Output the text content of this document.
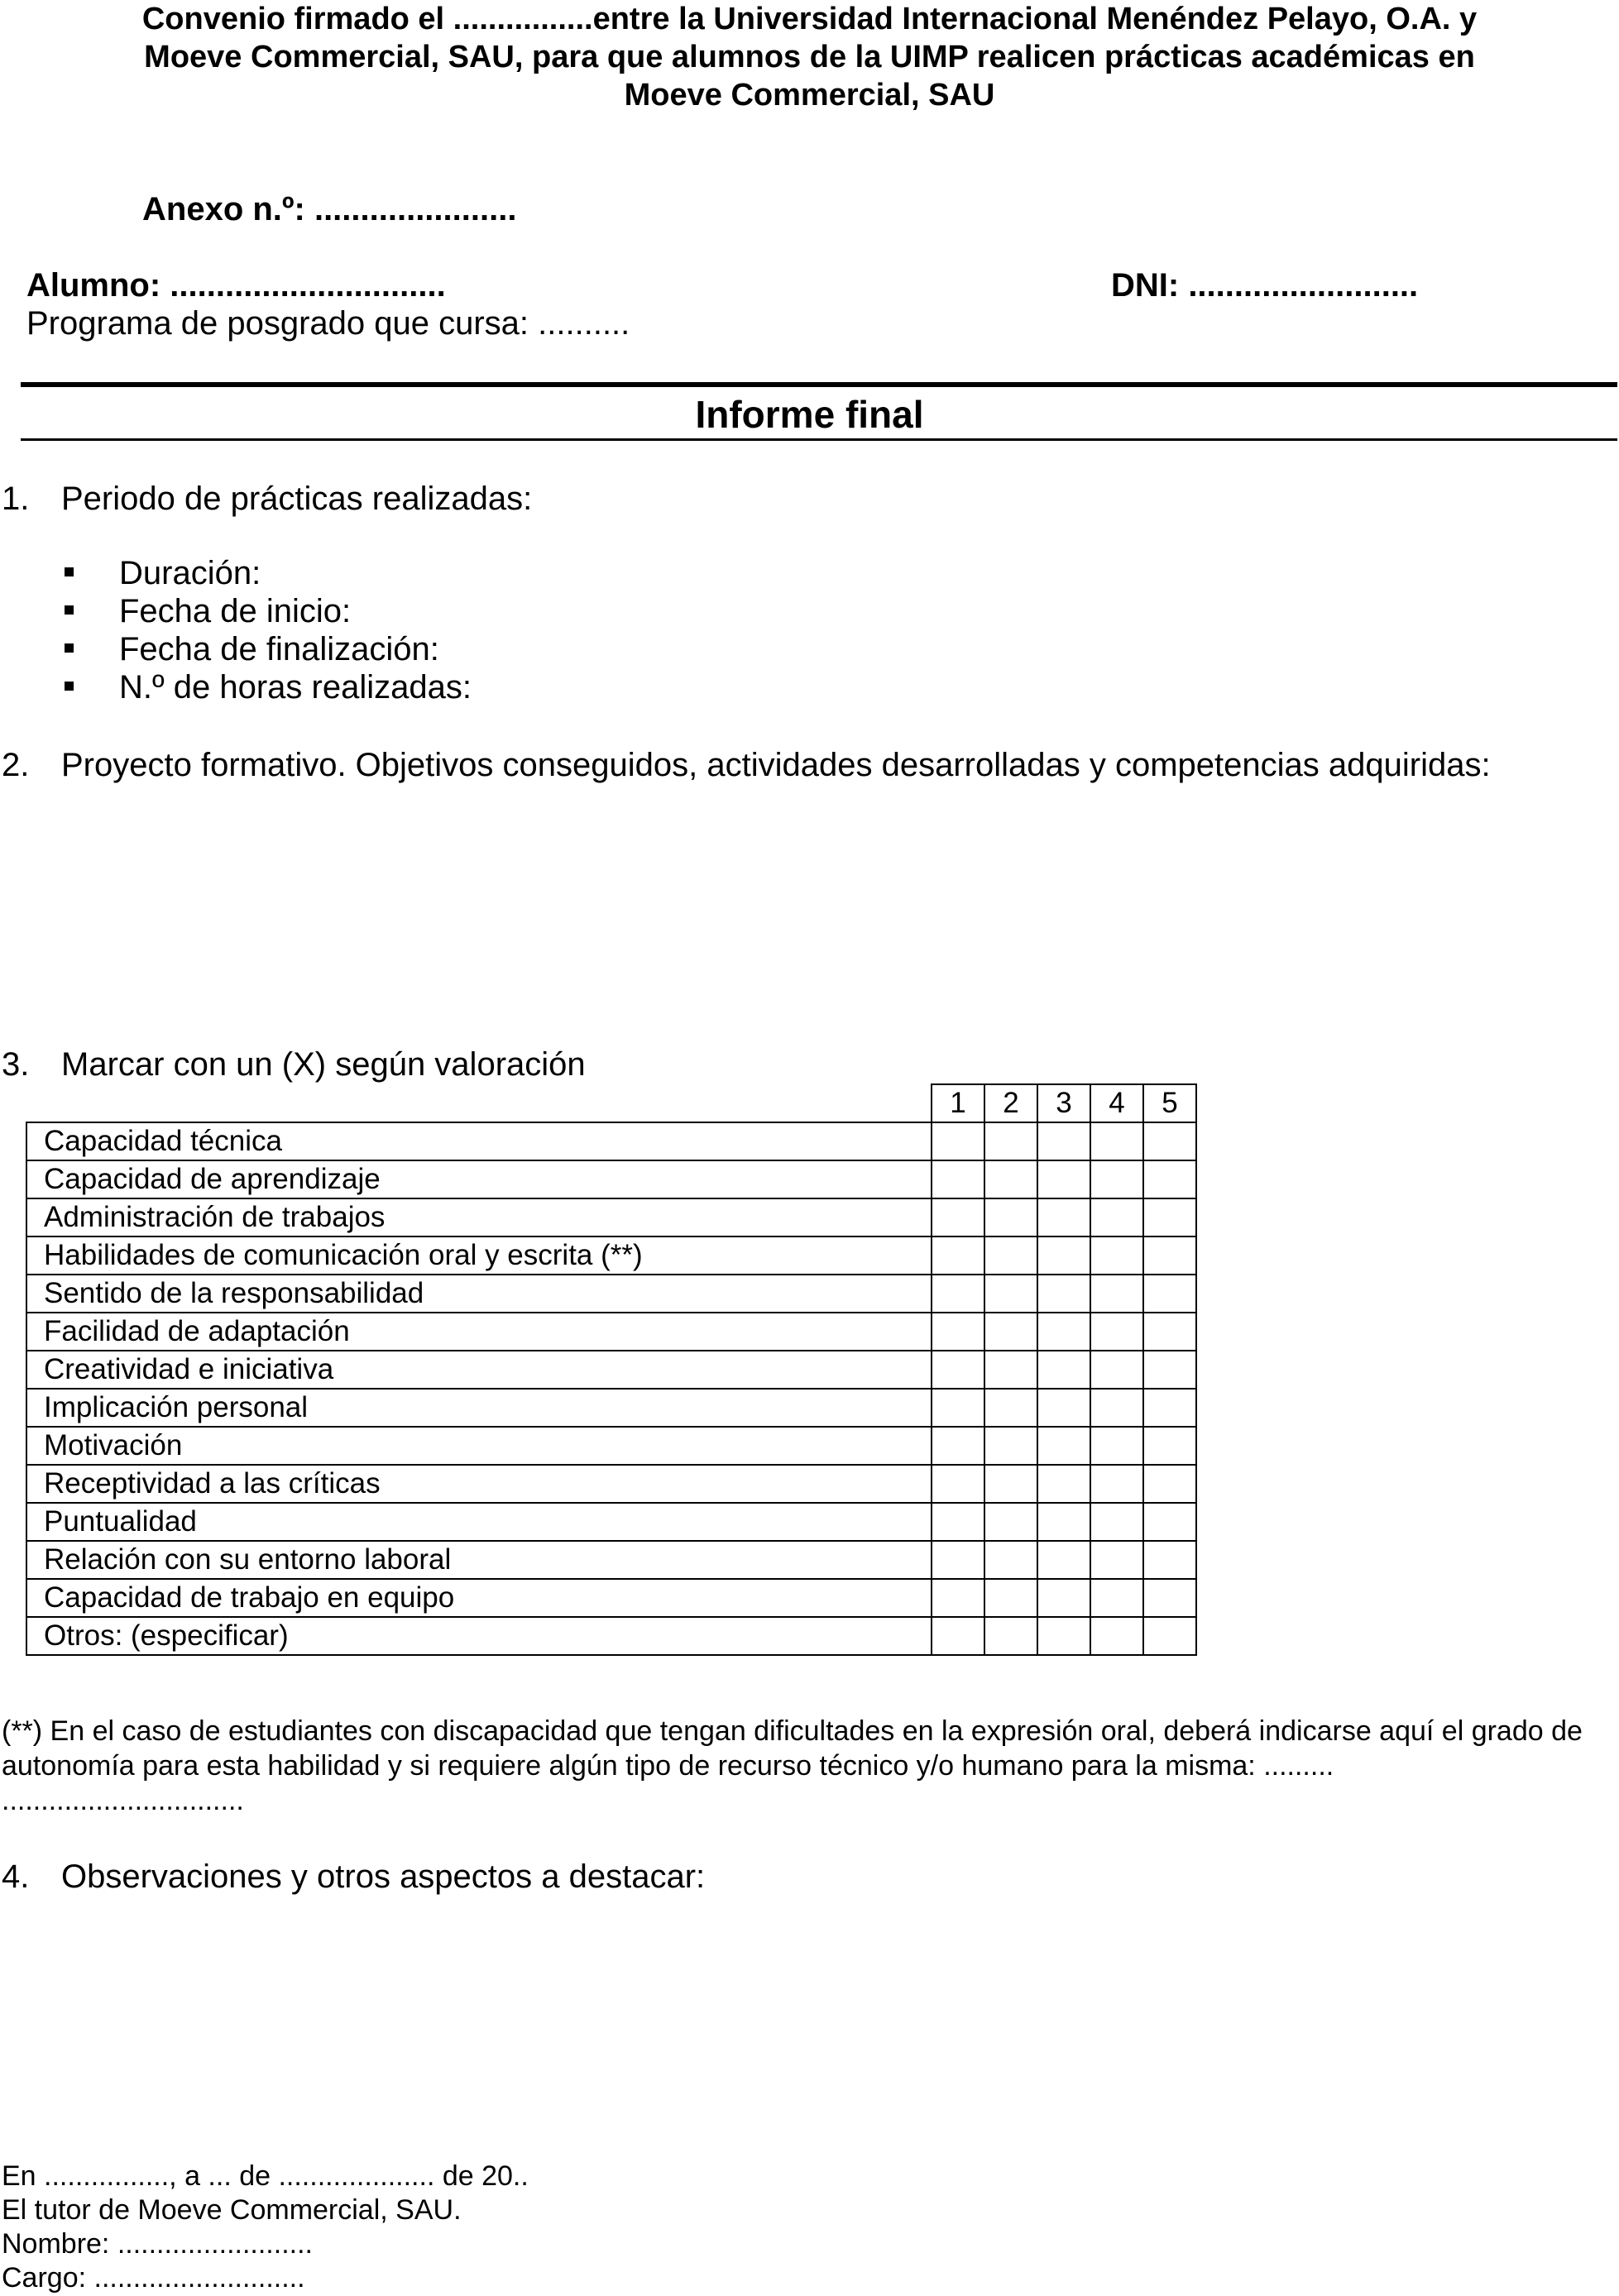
Convenio firmado el ................entre la Universidad Internacional Menéndez Pelayo, O.A. y
Moeve Commercial, SAU, para que alumnos de la UIMP realicen prácticas académicas en
Moeve Commercial, SAU
Anexo n.º: ......................
Alumno: ..............................	DNI: .........................
Programa de posgrado que cursa: ..........
Informe final
1. Periodo de prácticas realizadas:
Duración:
Fecha de inicio:
Fecha de finalización:
N.º de horas realizadas:
2. Proyecto formativo. Objetivos conseguidos, actividades desarrolladas y competencias adquiridas:
3. Marcar con un (X) según valoración
	1	2	3	4	5
Capacidad técnica					
Capacidad de aprendizaje					
Administración de trabajos					
Habilidades de comunicación oral y escrita (**)					
Sentido de la responsabilidad					
Facilidad de adaptación					
Creatividad e iniciativa					
Implicación personal					
Motivación					
Receptividad a las críticas					
Puntualidad					
Relación con su entorno laboral					
Capacidad de trabajo en equipo					
Otros: (especificar)					
(**) En el caso de estudiantes con discapacidad que tengan dificultades en la expresión oral, deberá indicarse aquí el grado de
autonomía para esta habilidad y si requiere algún tipo de recurso técnico y/o humano para la misma: .........
...............................
4. Observaciones y otros aspectos a destacar:
En ................, a ... de .................... de 20..
El tutor de Moeve Commercial, SAU.
Nombre: .........................
Cargo: ...........................
